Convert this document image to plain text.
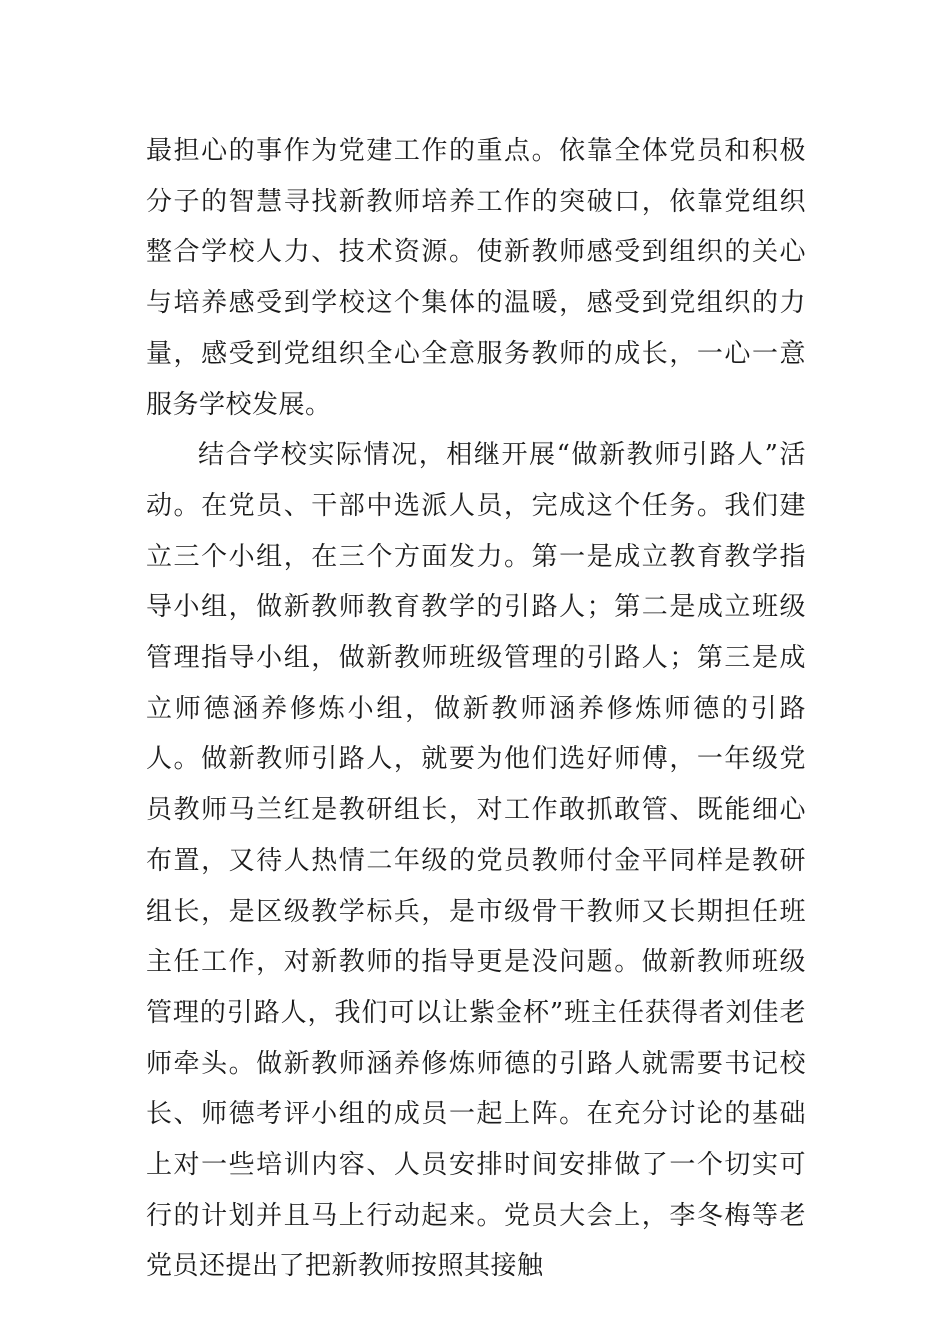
最担心的事作为党建工作的重点。依靠全体党员和积极分子的智慧寻找新教师培养工作的突破口，依靠党组织整合学校人力、技术资源。使新教师感受到组织的关心与培养感受到学校这个集体的温暖，感受到党组织的力量，感受到党组织全心全意服务教师的成长，一心一意服务学校发展。

结合学校实际情况，相继开展“做新教师引路人”活动。在党员、干部中选派人员，完成这个任务。我们建立三个小组，在三个方面发力。第一是成立教育教学指导小组，做新教师教育教学的引路人；第二是成立班级管理指导小组，做新教师班级管理的引路人；第三是成立师德涵养修炼小组，做新教师涵养修炼师德的引路人。做新教师引路人，就要为他们选好师傅，一年级党员教师马兰红是教研组长，对工作敢抓敢管、既能细心布置，又待人热情二年级的党员教师付金平同样是教研组长，是区级教学标兵，是市级骨干教师又长期担任班主任工作，对新教师的指导更是没问题。做新教师班级管理的引路人，我们可以让紫金杯”班主任获得者刘佳老师牵头。做新教师涵养修炼师德的引路人就需要书记校长、师德考评小组的成员一起上阵。在充分讨论的基础上对一些培训内容、人员安排时间安排做了一个切实可行的计划并且马上行动起来。党员大会上，李冬梅等老党员还提出了把新教师按照其接触
